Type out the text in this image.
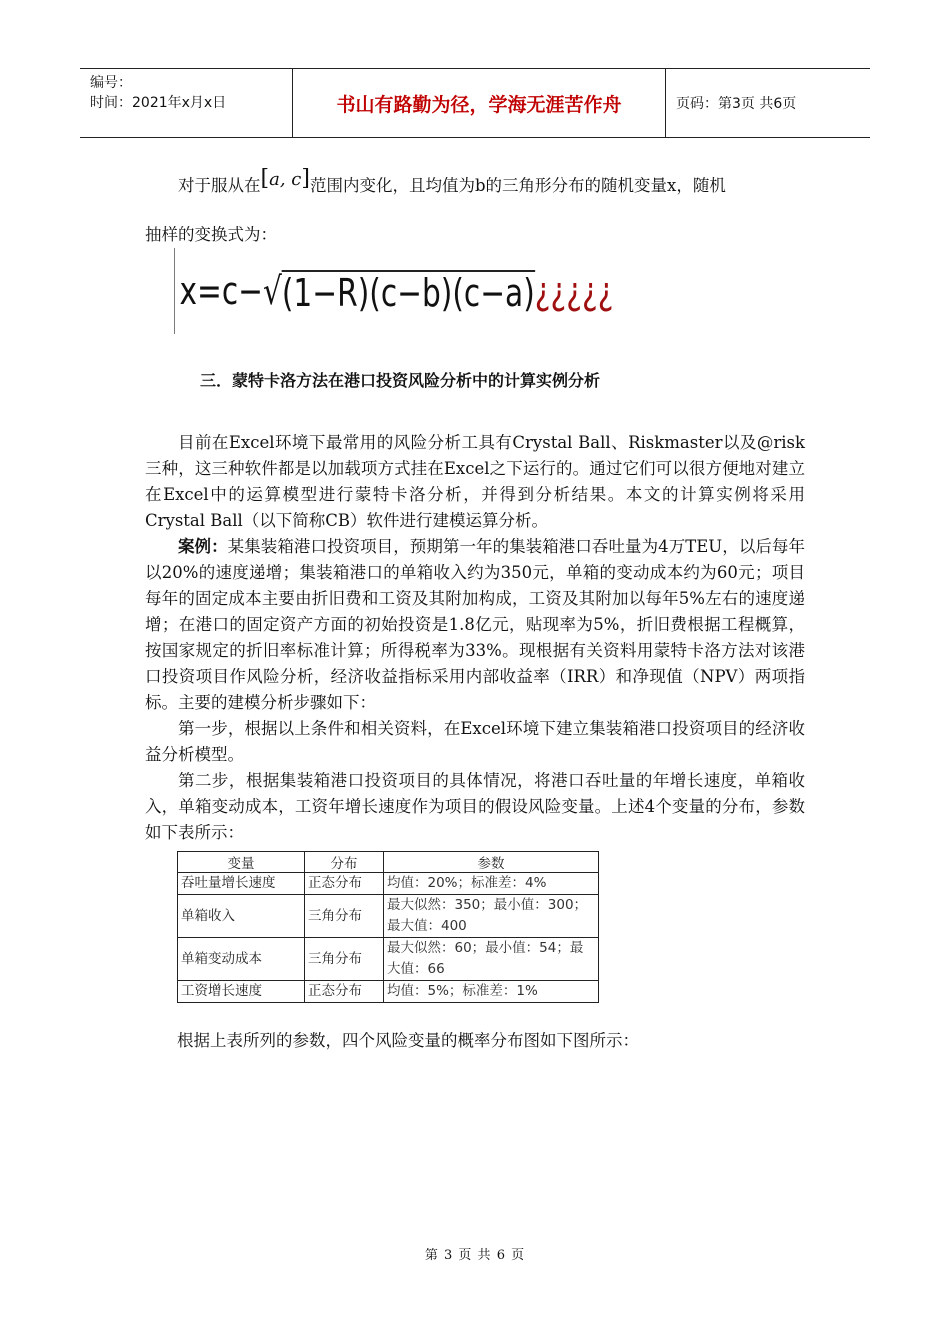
编号：
时间：2021年x月x日	书山有路勤为径，学海无涯苦作舟	页码：第3页 共6页

对于服从在[a, c]范围内变化，且均值为b的三角形分布的随机变量x，随机

抽样的变换式为：

x=c−√ (1−R)(c−b)(c−a) ¿¿¿¿¿
三．蒙特卡洛方法在港口投资风险分析中的计算实例分析

目前在Excel环境下最常用的风险分析工具有Crystal Ball、Riskmaster以及@risk三种，这三种软件都是以加载项方式挂在Excel之下运行的。通过它们可以很方便地对建立在Excel中的运算模型进行蒙特卡洛分析，并得到分析结果。本文的计算实例将采用Crystal Ball（以下简称CB）软件进行建模运算分析。

案例：某集装箱港口投资项目，预期第一年的集装箱港口吞吐量为4万TEU，以后每年以20%的速度递增；集装箱港口的单箱收入约为350元，单箱的变动成本约为60元；项目每年的固定成本主要由折旧费和工资及其附加构成，工资及其附加以每年5%左右的速度递增；在港口的固定资产方面的初始投资是1.8亿元，贴现率为5%，折旧费根据工程概算，按国家规定的折旧率标准计算；所得税率为33%。现根据有关资料用蒙特卡洛方法对该港口投资项目作风险分析，经济收益指标采用内部收益率（IRR）和净现值（NPV）两项指标。主要的建模分析步骤如下：

第一步，根据以上条件和相关资料，在Excel环境下建立集装箱港口投资项目的经济收益分析模型。

第二步，根据集装箱港口投资项目的具体情况，将港口吞吐量的年增长速度，单箱收入，单箱变动成本，工资年增长速度作为项目的假设风险变量。上述4个变量的分布，参数如下表所示：

变量	分布	参数
吞吐量增长速度	正态分布	均值：20%；标准差：4%
单箱收入	三角分布	最大似然：350；最小值：300；最大值：400
单箱变动成本	三角分布	最大似然：60；最小值：54；最大值：66
工资增长速度	正态分布	均值：5%；标准差：1%
根据上表所列的参数，四个风险变量的概率分布图如下图所示：
第 3 页 共 6 页
